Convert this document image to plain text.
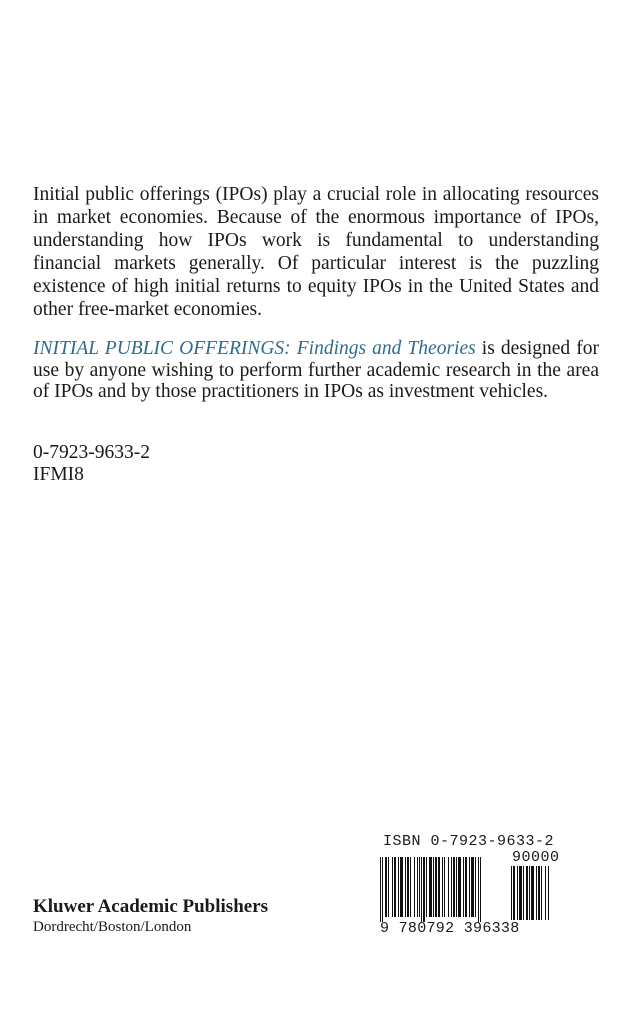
Initial public offerings (IPOs) play a crucial role in allocating resources in market economies. Because of the enormous importance of IPOs, understanding how IPOs work is fundamental to understanding financial markets generally. Of particular interest is the puzzling existence of high initial returns to equity IPOs in the United States and other free-market economies.

INITIAL PUBLIC OFFERINGS: Findings and Theories is designed for use by anyone wishing to perform further academic research in the area of IPOs and by those practitioners in IPOs as investment vehicles.

0-7923-9633-2
IFMI8
Kluwer Academic Publishers
Dordrecht/Boston/London
ISBN 0-7923-9633-2
90000
9 780792 396338
